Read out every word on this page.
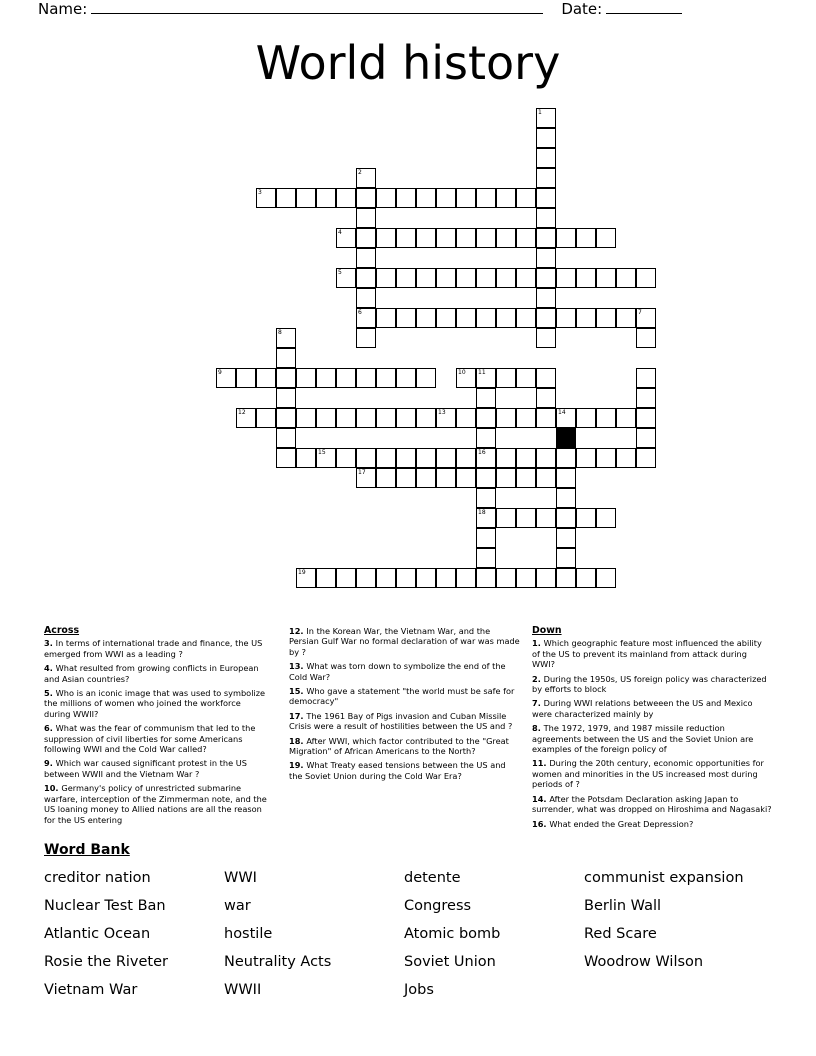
Name:	Date:
World history
1
2
3
4
5
6	7
8
9	10 11
12	13	14
15	16
17
18
19
Across
3. In terms of international trade and finance, the US emerged from WWI as a leading ?
4. What resulted from growing conflicts in European and Asian countries?
5. Who is an iconic image that was used to symbolize the millions of women who joined the workforce during WWII?
6. What was the fear of communism that led to the suppression of civil liberties for some Americans following WWI and the Cold War called?
9. Which war caused significant protest in the US between WWII and the Vietnam War ?
10. Germany's policy of unrestricted submarine warfare, interception of the Zimmerman note, and the US loaning money to Allied nations are all the reason for the US entering
12. In the Korean War, the Vietnam War, and the Persian Gulf War no formal declaration of war was made by ?
13. What was torn down to symbolize the end of the Cold War?
15. Who gave a statement "the world must be safe for democracy"
17. The 1961 Bay of Pigs invasion and Cuban Missile Crisis were a result of hostilities between the US and ?
18. After WWI, which factor contributed to the "Great Migration" of African Americans to the North?
19. What Treaty eased tensions between the US and the Soviet Union during the Cold War Era?
Down
1. Which geographic feature most influenced the ability of the US to prevent its mainland from attack during WWI?
2. During the 1950s, US foreign policy was characterized by efforts to block
7. During WWI relations betweeen the US and Mexico were characterized mainly by
8. The 1972, 1979, and 1987 missile reduction agreements between the US and the Soviet Union are examples of the foreign policy of
11. During the 20th century, economic opportunities for women and minorities in the US increased most during periods of ?
14. After the Potsdam Declaration asking Japan to surrender, what was dropped on Hiroshima and Nagasaki?
16. What ended the Great Depression?
Word Bank
creditor nation	WWI	detente	communist expansion
Nuclear Test Ban	war	Congress	Berlin Wall
Atlantic Ocean	hostile	Atomic bomb	Red Scare
Rosie the Riveter	Neutrality Acts	Soviet Union	Woodrow Wilson
Vietnam War	WWII	Jobs
